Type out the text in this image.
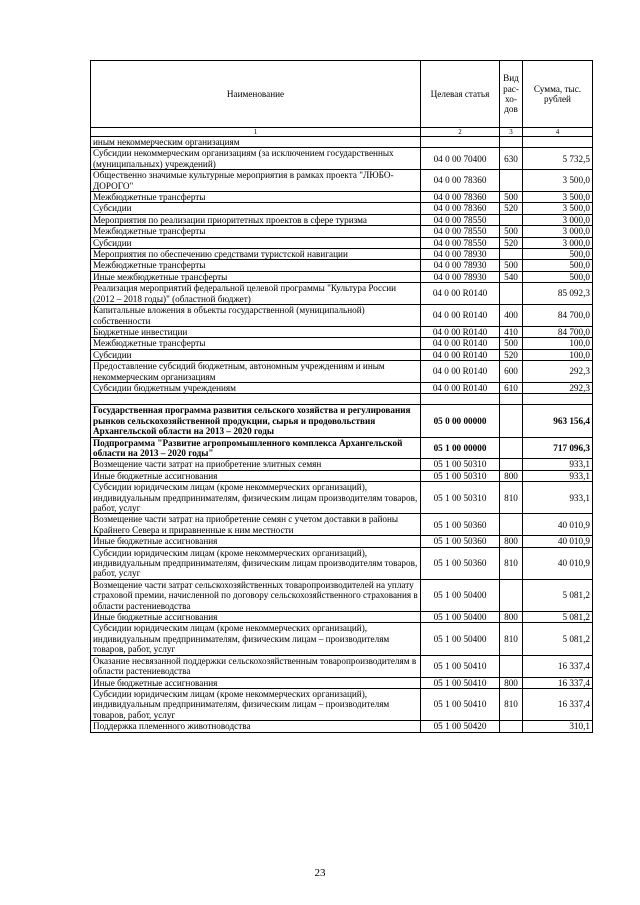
Наименование	Целевая статья	Вид рас- хо- дов	Сумма, тыс. рублей
1	2	3	4
иным некоммерческим организациям			
Субсидии некоммерческим организациям (за исключением государственных (муниципальных) учреждений)	04 0 00 70400	630	5 732,5
Общественно значимые культурные мероприятия в рамках проекта "ЛЮБО-ДОРОГО"	04 0 00 78360		3 500,0
Межбюджетные трансферты	04 0 00 78360	500	3 500,0
Субсидии	04 0 00 78360	520	3 500,0
Мероприятия по реализации приоритетных проектов в сфере туризма	04 0 00 78550		3 000,0
Межбюджетные трансферты	04 0 00 78550	500	3 000,0
Субсидии	04 0 00 78550	520	3 000,0
Мероприятия по обеспечению средствами туристской навигации	04 0 00 78930		500,0
Межбюджетные трансферты	04 0 00 78930	500	500,0
Иные межбюджетные трансферты	04 0 00 78930	540	500,0
Реализация мероприятий федеральной целевой программы "Культура России (2012 – 2018 годы)" (областной бюджет)	04 0 00 R0140		85 092,3
Капитальные вложения в объекты государственной (муниципальной) собственности	04 0 00 R0140	400	84 700,0
Бюджетные инвестиции	04 0 00 R0140	410	84 700,0
Межбюджетные трансферты	04 0 00 R0140	500	100,0
Субсидии	04 0 00 R0140	520	100,0
Предоставление субсидий бюджетным, автономным учреждениям и иным некоммерческим организациям	04 0 00 R0140	600	292,3
Субсидии бюджетным учреждениям	04 0 00 R0140	610	292,3

Государственная программа развития сельского хозяйства и регулирования рынков сельскохозяйственной продукции, сырья и продовольствия Архангельской области на 2013 – 2020 годы	05 0 00 00000		963 156,4
Подпрограмма "Развитие агропромышленного комплекса Архангельской области на 2013 – 2020 годы"	05 1 00 00000		717 096,3
Возмещение части затрат на приобретение элитных семян	05 1 00 50310		933,1
Иные бюджетные ассигнования	05 1 00 50310	800	933,1
Субсидии юридическим лицам (кроме некоммерческих организаций), индивидуальным предпринимателям, физическим лицам производителям товаров, работ, услуг	05 1 00 50310	810	933,1
Возмещение части затрат на приобретение семян с учетом доставки в районы Крайнего Севера и приравненные к ним местности	05 1 00 50360		40 010,9
Иные бюджетные ассигнования	05 1 00 50360	800	40 010,9
Субсидии юридическим лицам (кроме некоммерческих организаций), индивидуальным предпринимателям, физическим лицам производителям товаров, работ, услуг	05 1 00 50360	810	40 010,9
Возмещение части затрат сельскохозяйственных товаропроизводителей на уплату страховой премии, начисленной по договору сельскохозяйственного страхования в области растениеводства	05 1 00 50400		5 081,2
Иные бюджетные ассигнования	05 1 00 50400	800	5 081,2
Субсидии юридическим лицам (кроме некоммерческих организаций), индивидуальным предпринимателям, физическим лицам – производителям товаров, работ, услуг	05 1 00 50400	810	5 081,2
Оказание несвязанной поддержки сельскохозяйственным товаропроизводителям в области растениеводства	05 1 00 50410		16 337,4
Иные бюджетные ассигнования	05 1 00 50410	800	16 337,4
Субсидии юридическим лицам (кроме некоммерческих организаций), индивидуальным предпринимателям, физическим лицам – производителям товаров, работ, услуг	05 1 00 50410	810	16 337,4
Поддержка племенного животноводства	05 1 00 50420		310,1
23
